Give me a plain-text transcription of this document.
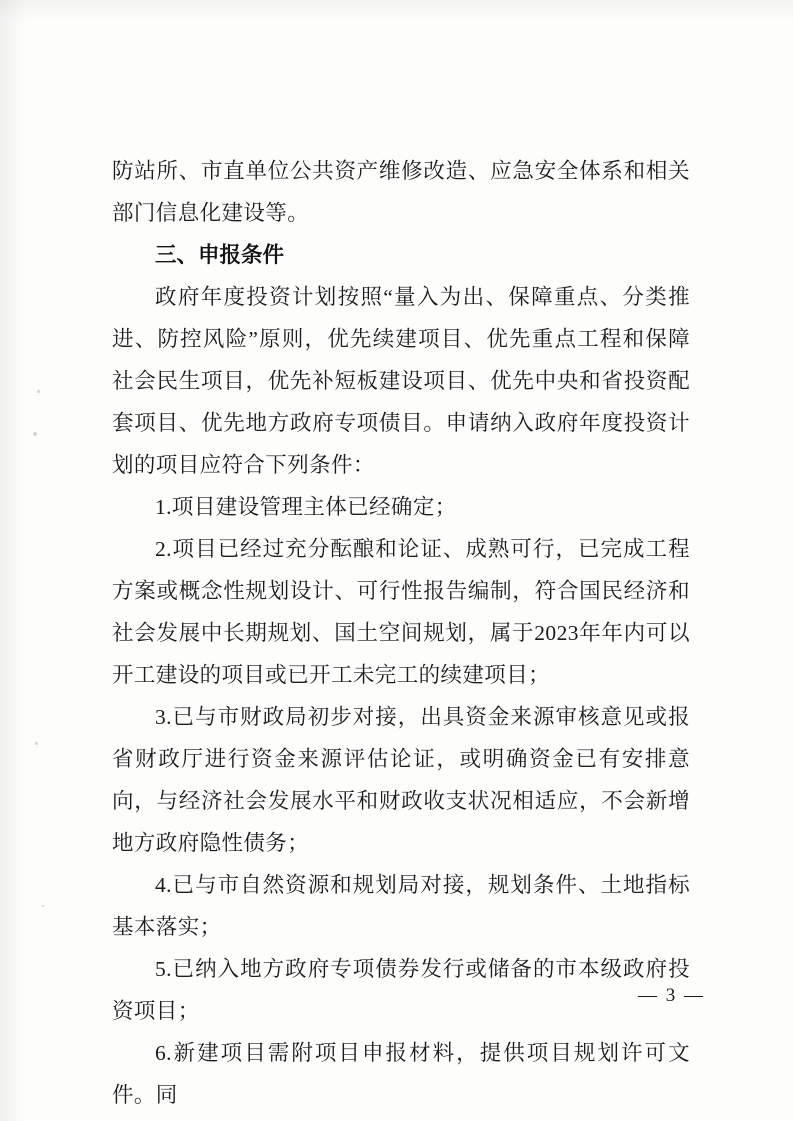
防站所、市直单位公共资产维修改造、应急安全体系和相关部门信息化建设等。

三、申报条件

政府年度投资计划按照“量入为出、保障重点、分类推进、防控风险”原则，优先续建项目、优先重点工程和保障社会民生项目，优先补短板建设项目、优先中央和省投资配套项目、优先地方政府专项债目。申请纳入政府年度投资计划的项目应符合下列条件：

1.项目建设管理主体已经确定；

2.项目已经过充分酝酿和论证、成熟可行，已完成工程方案或概念性规划设计、可行性报告编制，符合国民经济和社会发展中长期规划、国土空间规划，属于2023年年内可以开工建设的项目或已开工未完工的续建项目；

3.已与市财政局初步对接，出具资金来源审核意见或报省财政厅进行资金来源评估论证，或明确资金已有安排意向，与经济社会发展水平和财政收支状况相适应，不会新增地方政府隐性债务；

4.已与市自然资源和规划局对接，规划条件、土地指标基本落实；

5.已纳入地方政府专项债券发行或储备的市本级政府投资项目；

6.新建项目需附项目申报材料，提供项目规划许可文件。同

— 3 —
